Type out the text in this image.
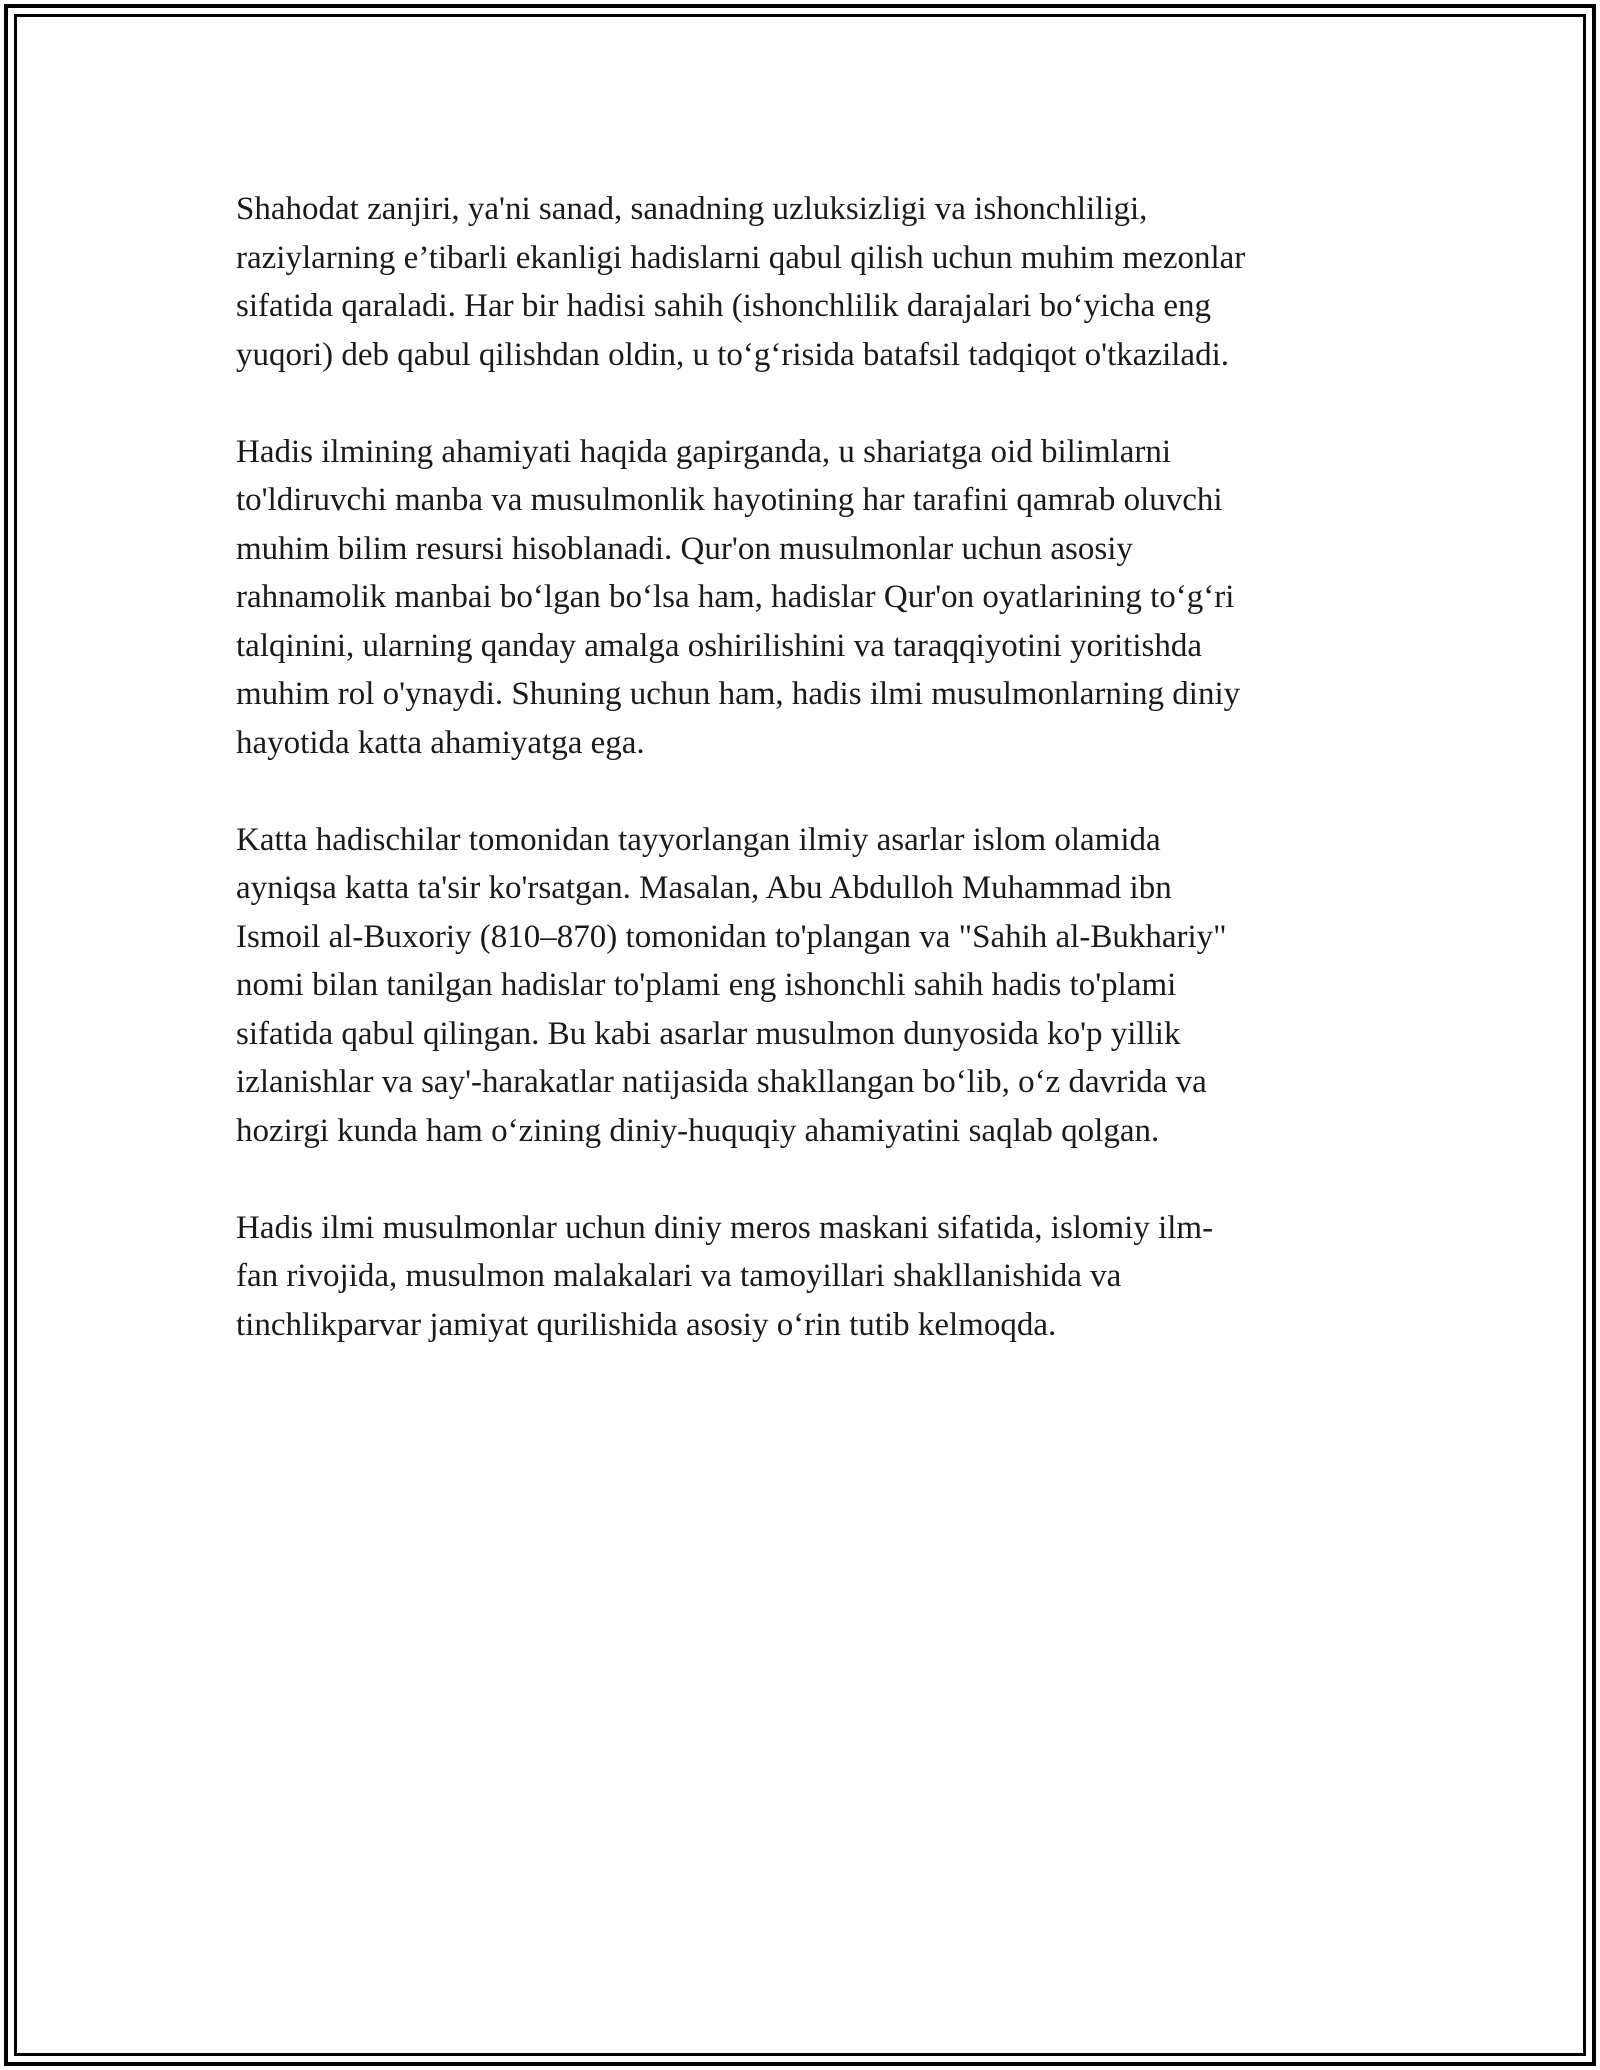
Shahodat zanjiri, ya'ni sanad, sanadning uzluksizligi va ishonchliligi,
raziylarning e’tibarli ekanligi hadislarni qabul qilish uchun muhim mezonlar
sifatida qaraladi. Har bir hadisi sahih (ishonchlilik darajalari bo‘yicha eng
yuqori) deb qabul qilishdan oldin, u to‘g‘risida batafsil tadqiqot o'tkaziladi.

Hadis ilmining ahamiyati haqida gapirganda, u shariatga oid bilimlarni
to'ldiruvchi manba va musulmonlik hayotining har tarafini qamrab oluvchi
muhim bilim resursi hisoblanadi. Qur'on musulmonlar uchun asosiy
rahnamolik manbai bo‘lgan bo‘lsa ham, hadislar Qur'on oyatlarining to‘g‘ri
talqinini, ularning qanday amalga oshirilishini va taraqqiyotini yoritishda
muhim rol o'ynaydi. Shuning uchun ham, hadis ilmi musulmonlarning diniy
hayotida katta ahamiyatga ega.

Katta hadischilar tomonidan tayyorlangan ilmiy asarlar islom olamida
ayniqsa katta ta'sir ko'rsatgan. Masalan, Abu Abdulloh Muhammad ibn
Ismoil al-Buxoriy (810–870) tomonidan to'plangan va "Sahih al-Bukhariy"
nomi bilan tanilgan hadislar to'plami eng ishonchli sahih hadis to'plami
sifatida qabul qilingan. Bu kabi asarlar musulmon dunyosida ko'p yillik
izlanishlar va say'-harakatlar natijasida shakllangan bo‘lib, o‘z davrida va
hozirgi kunda ham o‘zining diniy-huquqiy ahamiyatini saqlab qolgan.

Hadis ilmi musulmonlar uchun diniy meros maskani sifatida, islomiy ilm-
fan rivojida, musulmon malakalari va tamoyillari shakllanishida va
tinchlikparvar jamiyat qurilishida asosiy o‘rin tutib kelmoqda.
